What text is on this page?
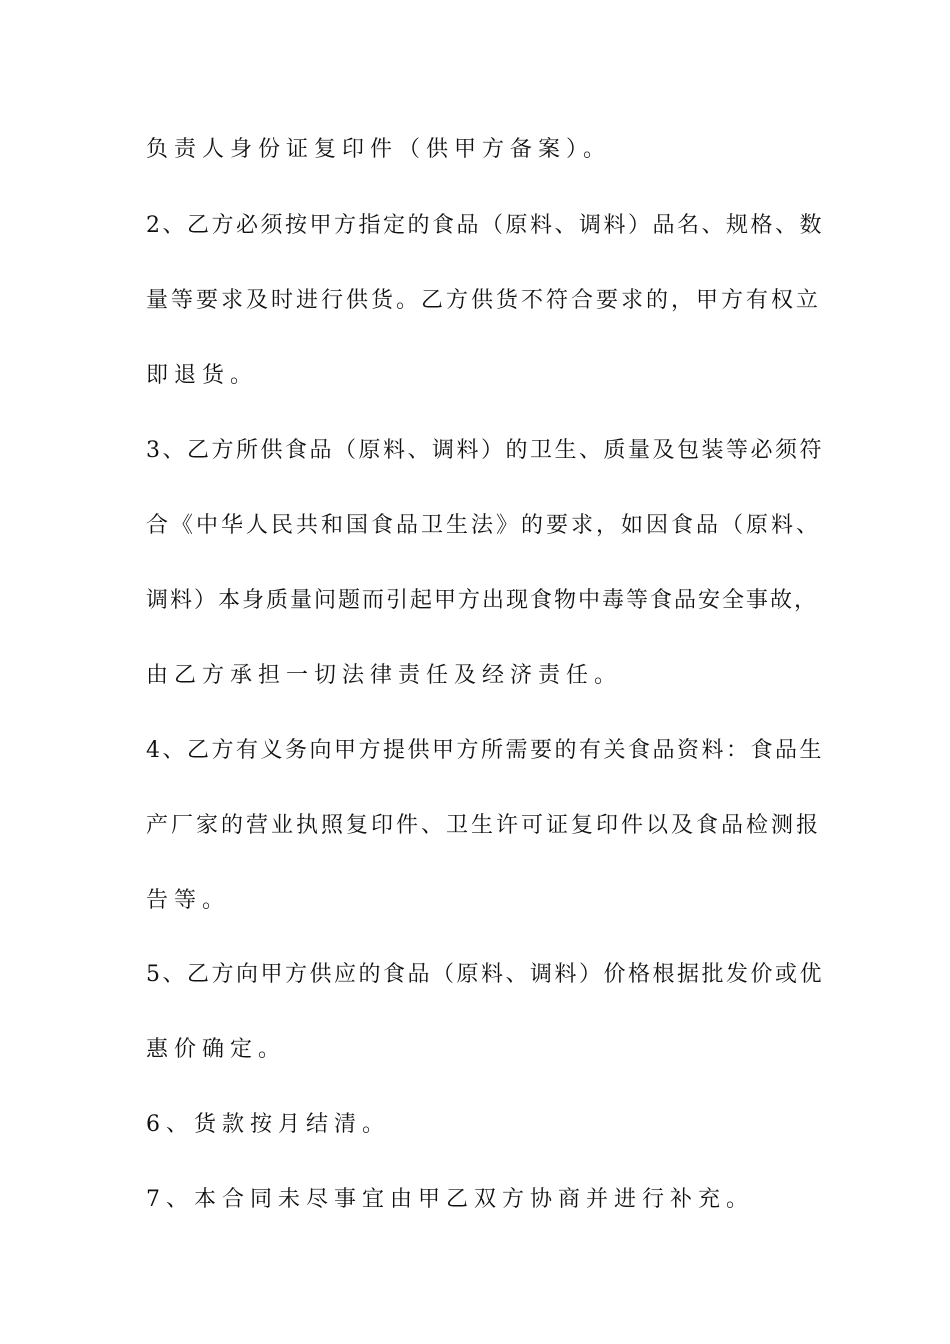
负责人身份证复印件（供甲方备案）。
2、乙方必须按甲方指定的食品（原料、调料）品名、规格、数
量等要求及时进行供货。乙方供货不符合要求的，甲方有权立
即退货。
3、乙方所供食品（原料、调料）的卫生、质量及包装等必须符
合《中华人民共和国食品卫生法》的要求，如因食品（原料、
调料）本身质量问题而引起甲方出现食物中毒等食品安全事故，
由乙方承担一切法律责任及经济责任。
4、乙方有义务向甲方提供甲方所需要的有关食品资料：食品生
产厂家的营业执照复印件、卫生许可证复印件以及食品检测报
告等。
5、乙方向甲方供应的食品（原料、调料）价格根据批发价或优
惠价确定。
6、货款按月结清。
7、本合同未尽事宜由甲乙双方协商并进行补充。
